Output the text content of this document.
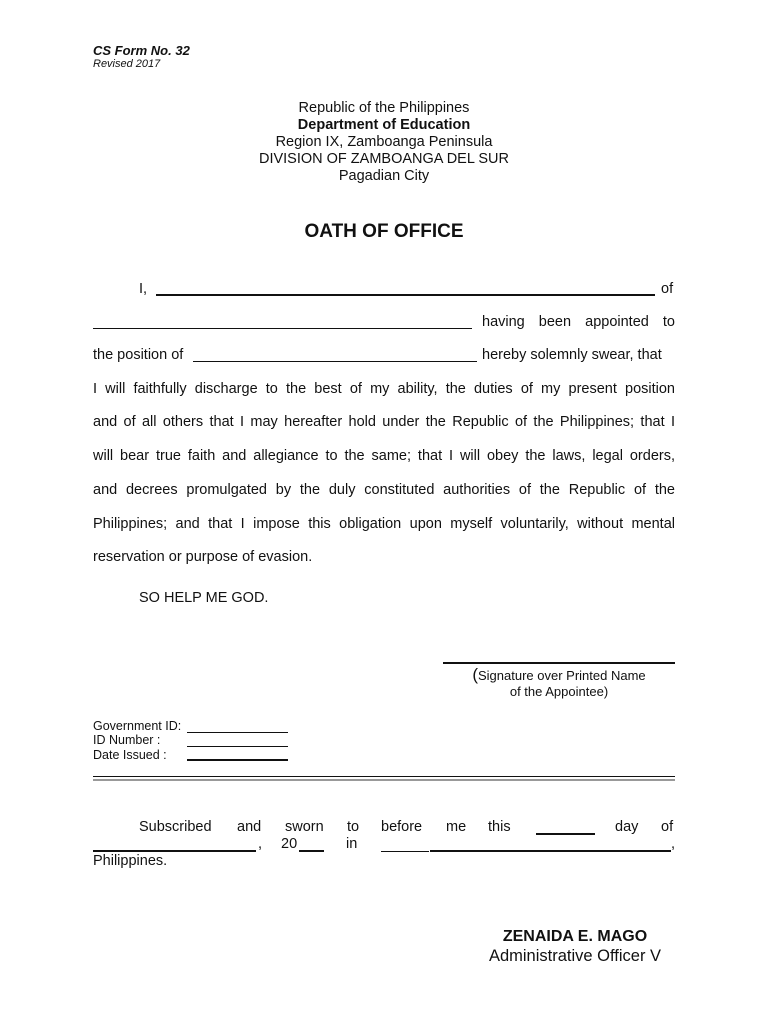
CS Form No. 32
Revised 2017
Republic of the Philippines
Department of Education
Region IX, Zamboanga Peninsula
DIVISION OF ZAMBOANGA DEL SUR
Pagadian City
OATH OF OFFICE
I,	of
having been appointed to
the position of	hereby solemnly swear, that
I will faithfully discharge to the best of my ability, the duties of my present position
and of all others that I may hereafter hold under the Republic of the Philippines; that I
will bear true faith and allegiance to the same; that I will obey the laws, legal orders,
and decrees promulgated by the duly constituted authorities of the Republic of the
Philippines; and that I impose this obligation upon myself voluntarily, without mental
reservation or purpose of evasion.
SO HELP ME GOD.
(Signature over Printed Name
of the Appointee)
Government ID:
ID Number :
Date Issued :
Subscribed and sworn to before me this	day of
, 20	in	,
Philippines.
ZENAIDA E. MAGO
Administrative Officer V
